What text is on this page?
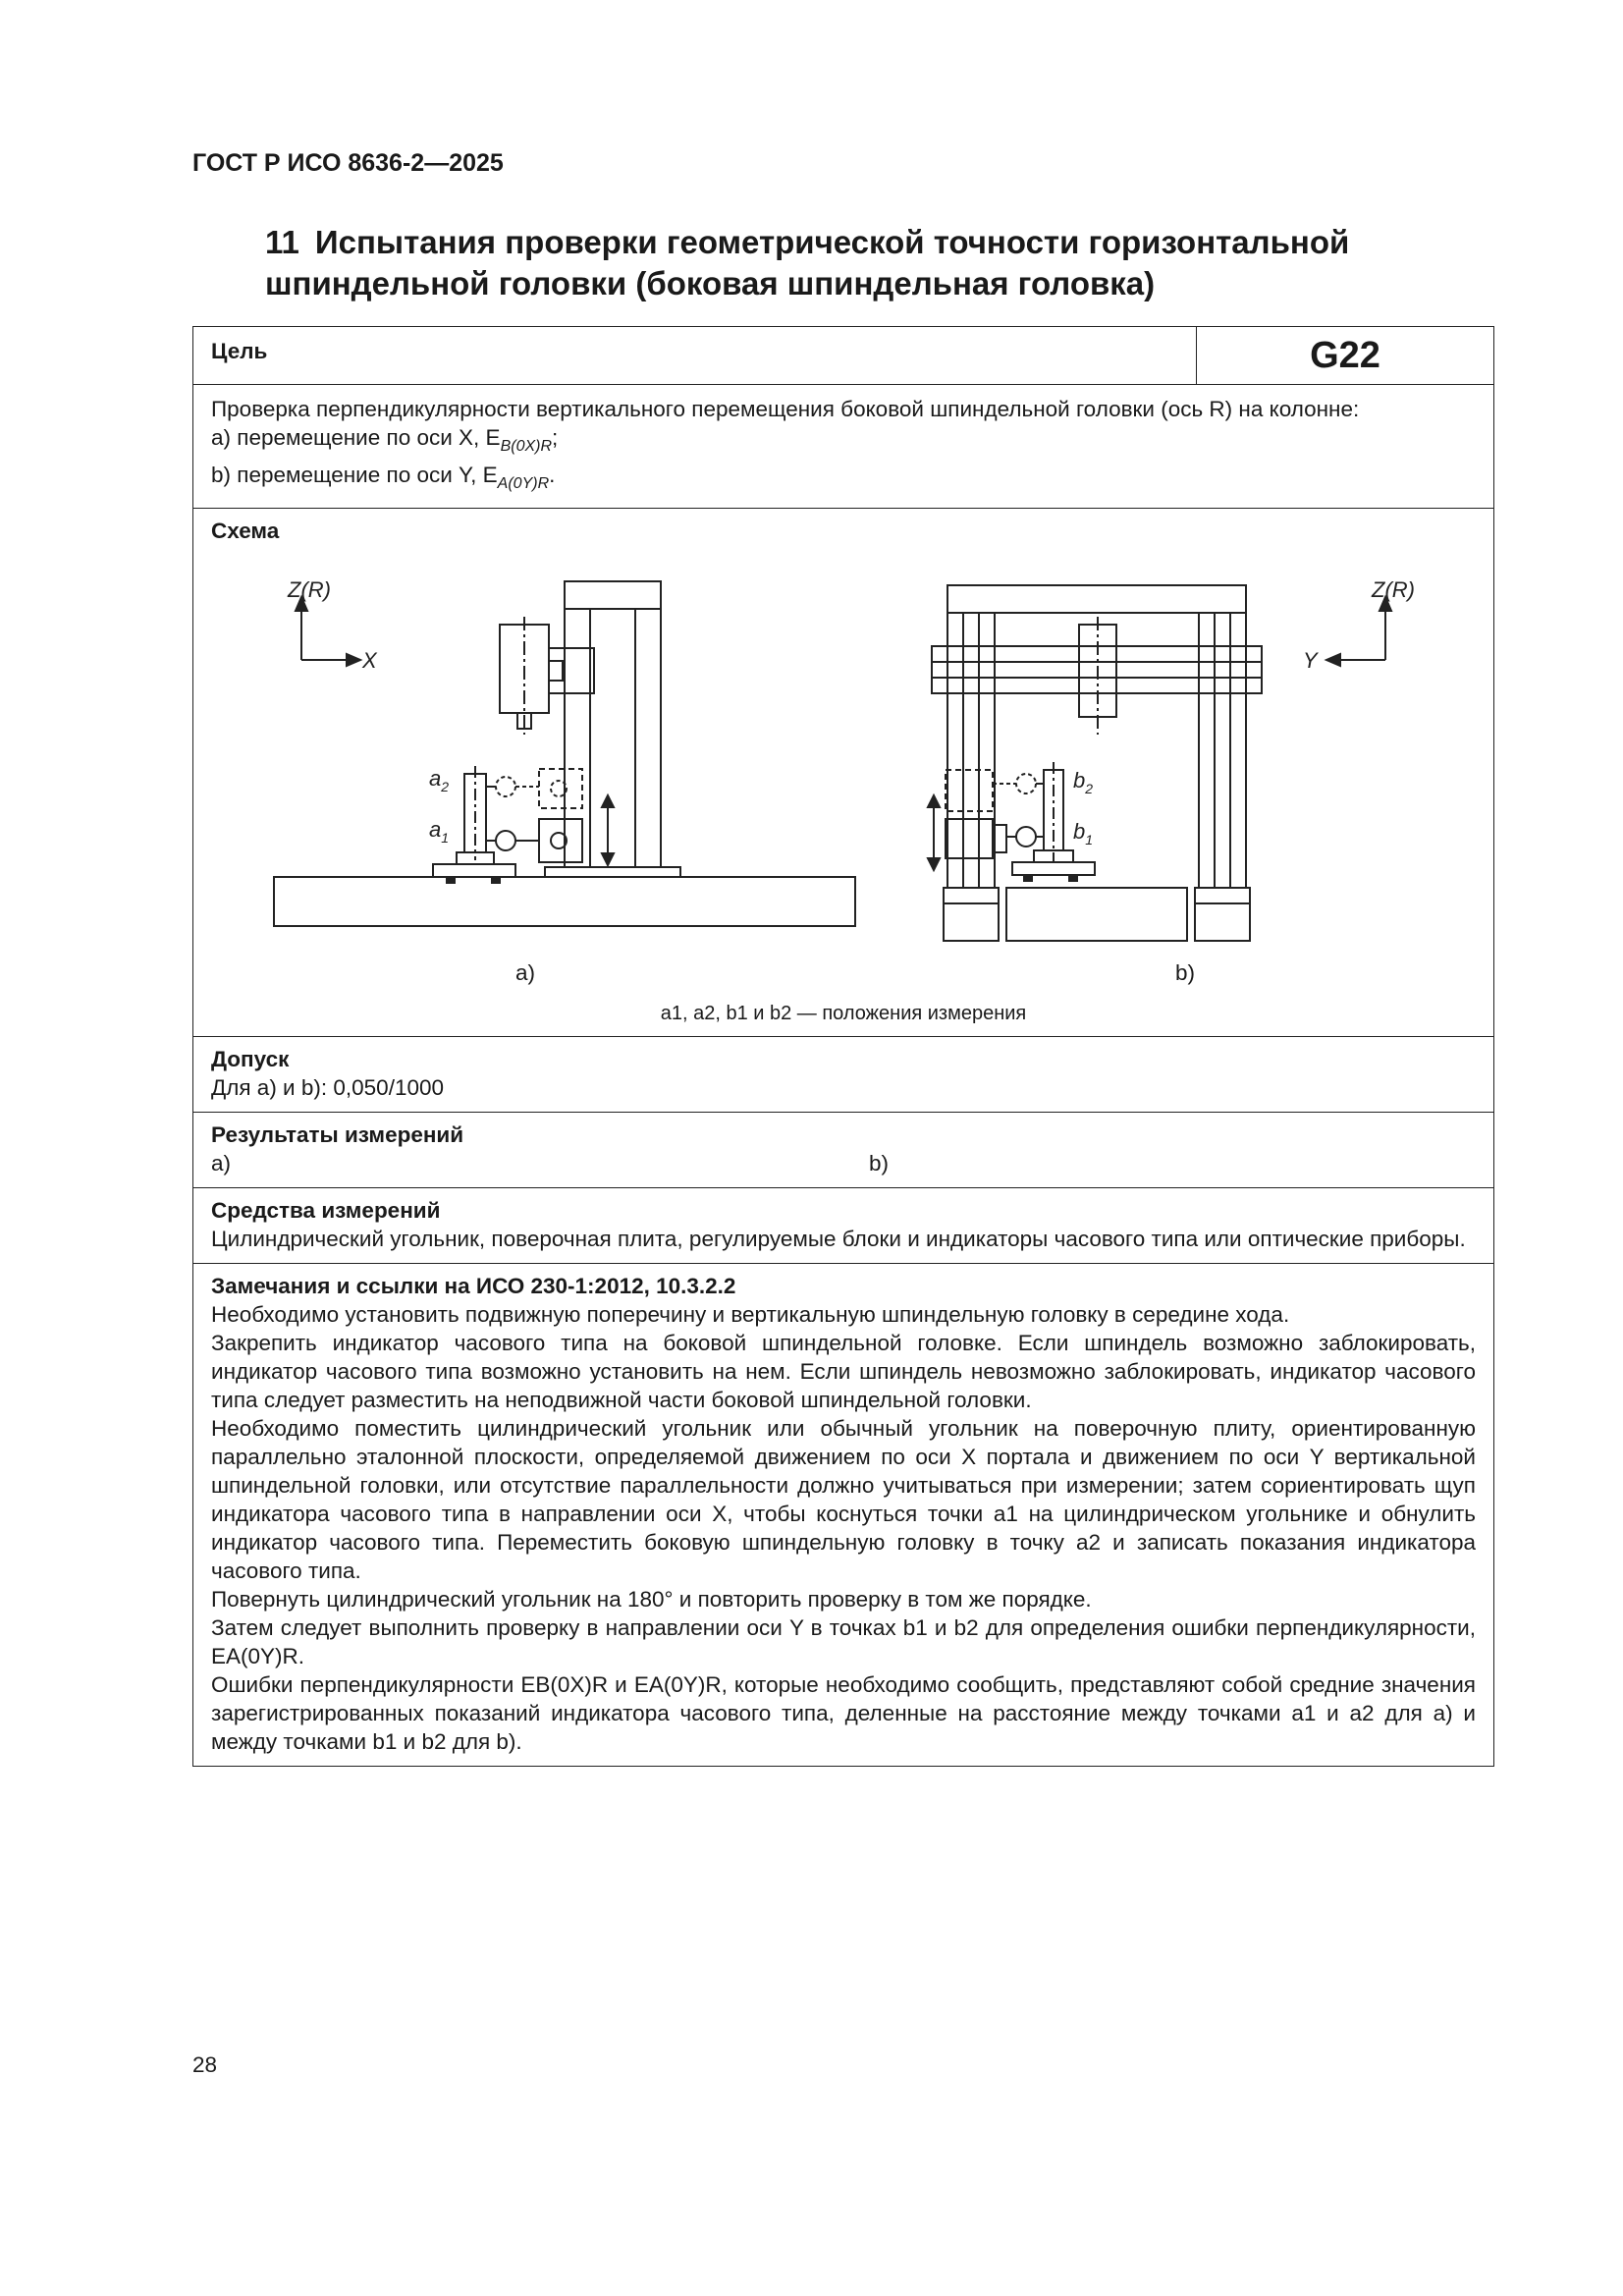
ГОСТ Р ИСО 8636-2—2025
11 Испытания проверки геометрической точности горизонтальной шпиндельной головки (боковая шпиндельная головка)
Цель	G22

Проверка перпендикулярности вертикального перемещения боковой шпиндельной головки (ось R) на колонне:

a) перемещение по оси X, $E_{B(0X)R}$;

b) перемещение по оси Y, $E_{A(0Y)R}$.

Схема
Z(R)
X
$a_2$
$a_1$
Z(R)
Y
$b_2$
$b_1$
a)	b)
a1, a2, b1 и b2 — положения измерения
Допуск
Для a) и b): 0,050/1000
Результаты измерений
a)	b)
Средства измерений
Цилиндрический угольник, поверочная плита, регулируемые блоки и индикаторы часового типа или оптические приборы.
Замечания и ссылки на ИСО 230-1:2012, 10.3.2.2

Необходимо установить подвижную поперечину и вертикальную шпиндельную головку в середине хода.

Закрепить индикатор часового типа на боковой шпиндельной головке. Если шпиндель возможно заблокировать, индикатор часового типа возможно установить на нем. Если шпиндель невозможно заблокировать, индикатор часового типа следует разместить на неподвижной части боковой шпиндельной головки.

Необходимо поместить цилиндрический угольник или обычный угольник на поверочную плиту, ориентированную параллельно эталонной плоскости, определяемой движением по оси X портала и движением по оси Y вертикальной шпиндельной головки, или отсутствие параллельности должно учитываться при измерении; затем сориентировать щуп индикатора часового типа в направлении оси X, чтобы коснуться точки a1 на цилиндрическом угольнике и обнулить индикатор часового типа. Переместить боковую шпиндельную головку в точку a2 и записать показания индикатора часового типа.

Повернуть цилиндрический угольник на 180° и повторить проверку в том же порядке.

Затем следует выполнить проверку в направлении оси Y в точках b1 и b2 для определения ошибки перпендикулярности, EA(0Y)R.

Ошибки перпендикулярности EB(0X)R и EA(0Y)R, которые необходимо сообщить, представляют собой средние значения зарегистрированных показаний индикатора часового типа, деленные на расстояние между точками a1 и a2 для a) и между точками b1 и b2 для b).

28
